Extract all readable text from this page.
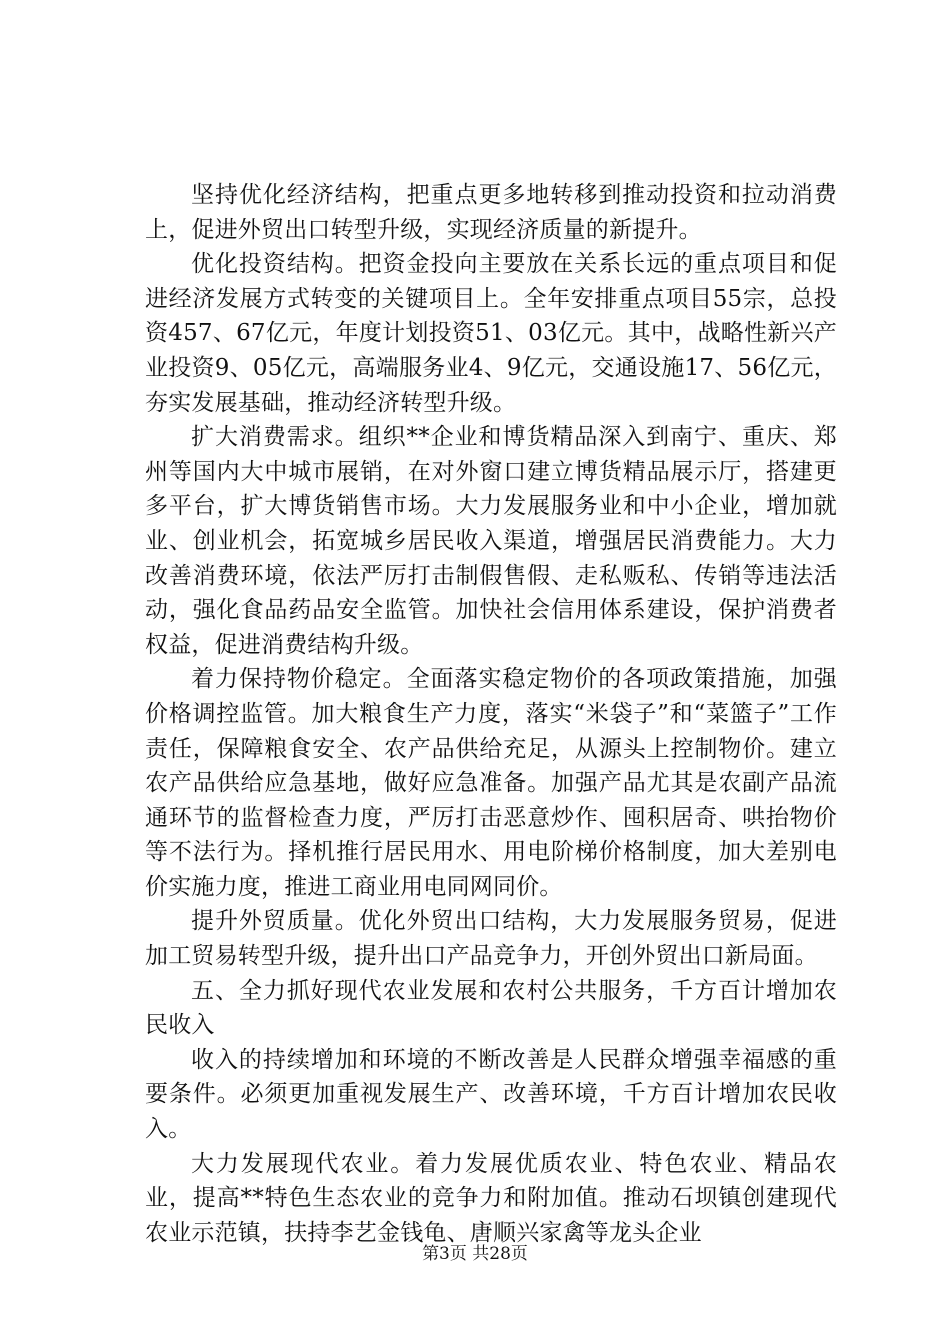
坚持优化经济结构，把重点更多地转移到推动投资和拉动消费上，促进外贸出口转型升级，实现经济质量的新提升。

优化投资结构。把资金投向主要放在关系长远的重点项目和促进经济发展方式转变的关键项目上。全年安排重点项目55宗，总投资457、67亿元，年度计划投资51、03亿元。其中，战略性新兴产业投资9、05亿元，高端服务业4、9亿元，交通设施17、56亿元，夯实发展基础，推动经济转型升级。

扩大消费需求。组织**企业和博货精品深入到南宁、重庆、郑州等国内大中城市展销，在对外窗口建立博货精品展示厅，搭建更多平台，扩大博货销售市场。大力发展服务业和中小企业，增加就业、创业机会，拓宽城乡居民收入渠道，增强居民消费能力。大力改善消费环境，依法严厉打击制假售假、走私贩私、传销等违法活动，强化食品药品安全监管。加快社会信用体系建设，保护消费者权益，促进消费结构升级。

着力保持物价稳定。全面落实稳定物价的各项政策措施，加强价格调控监管。加大粮食生产力度，落实“米袋子”和“菜篮子”工作责任，保障粮食安全、农产品供给充足，从源头上控制物价。建立农产品供给应急基地，做好应急准备。加强产品尤其是农副产品流通环节的监督检查力度，严厉打击恶意炒作、囤积居奇、哄抬物价等不法行为。择机推行居民用水、用电阶梯价格制度，加大差别电价实施力度，推进工商业用电同网同价。

提升外贸质量。优化外贸出口结构，大力发展服务贸易，促进加工贸易转型升级，提升出口产品竞争力，开创外贸出口新局面。

五、全力抓好现代农业发展和农村公共服务，千方百计增加农民收入

收入的持续增加和环境的不断改善是人民群众增强幸福感的重要条件。必须更加重视发展生产、改善环境，千方百计增加农民收入。

大力发展现代农业。着力发展优质农业、特色农业、精品农业，提高**特色生态农业的竞争力和附加值。推动石坝镇创建现代农业示范镇，扶持李艺金钱龟、唐顺兴家禽等龙头企业

第3页 共28页
